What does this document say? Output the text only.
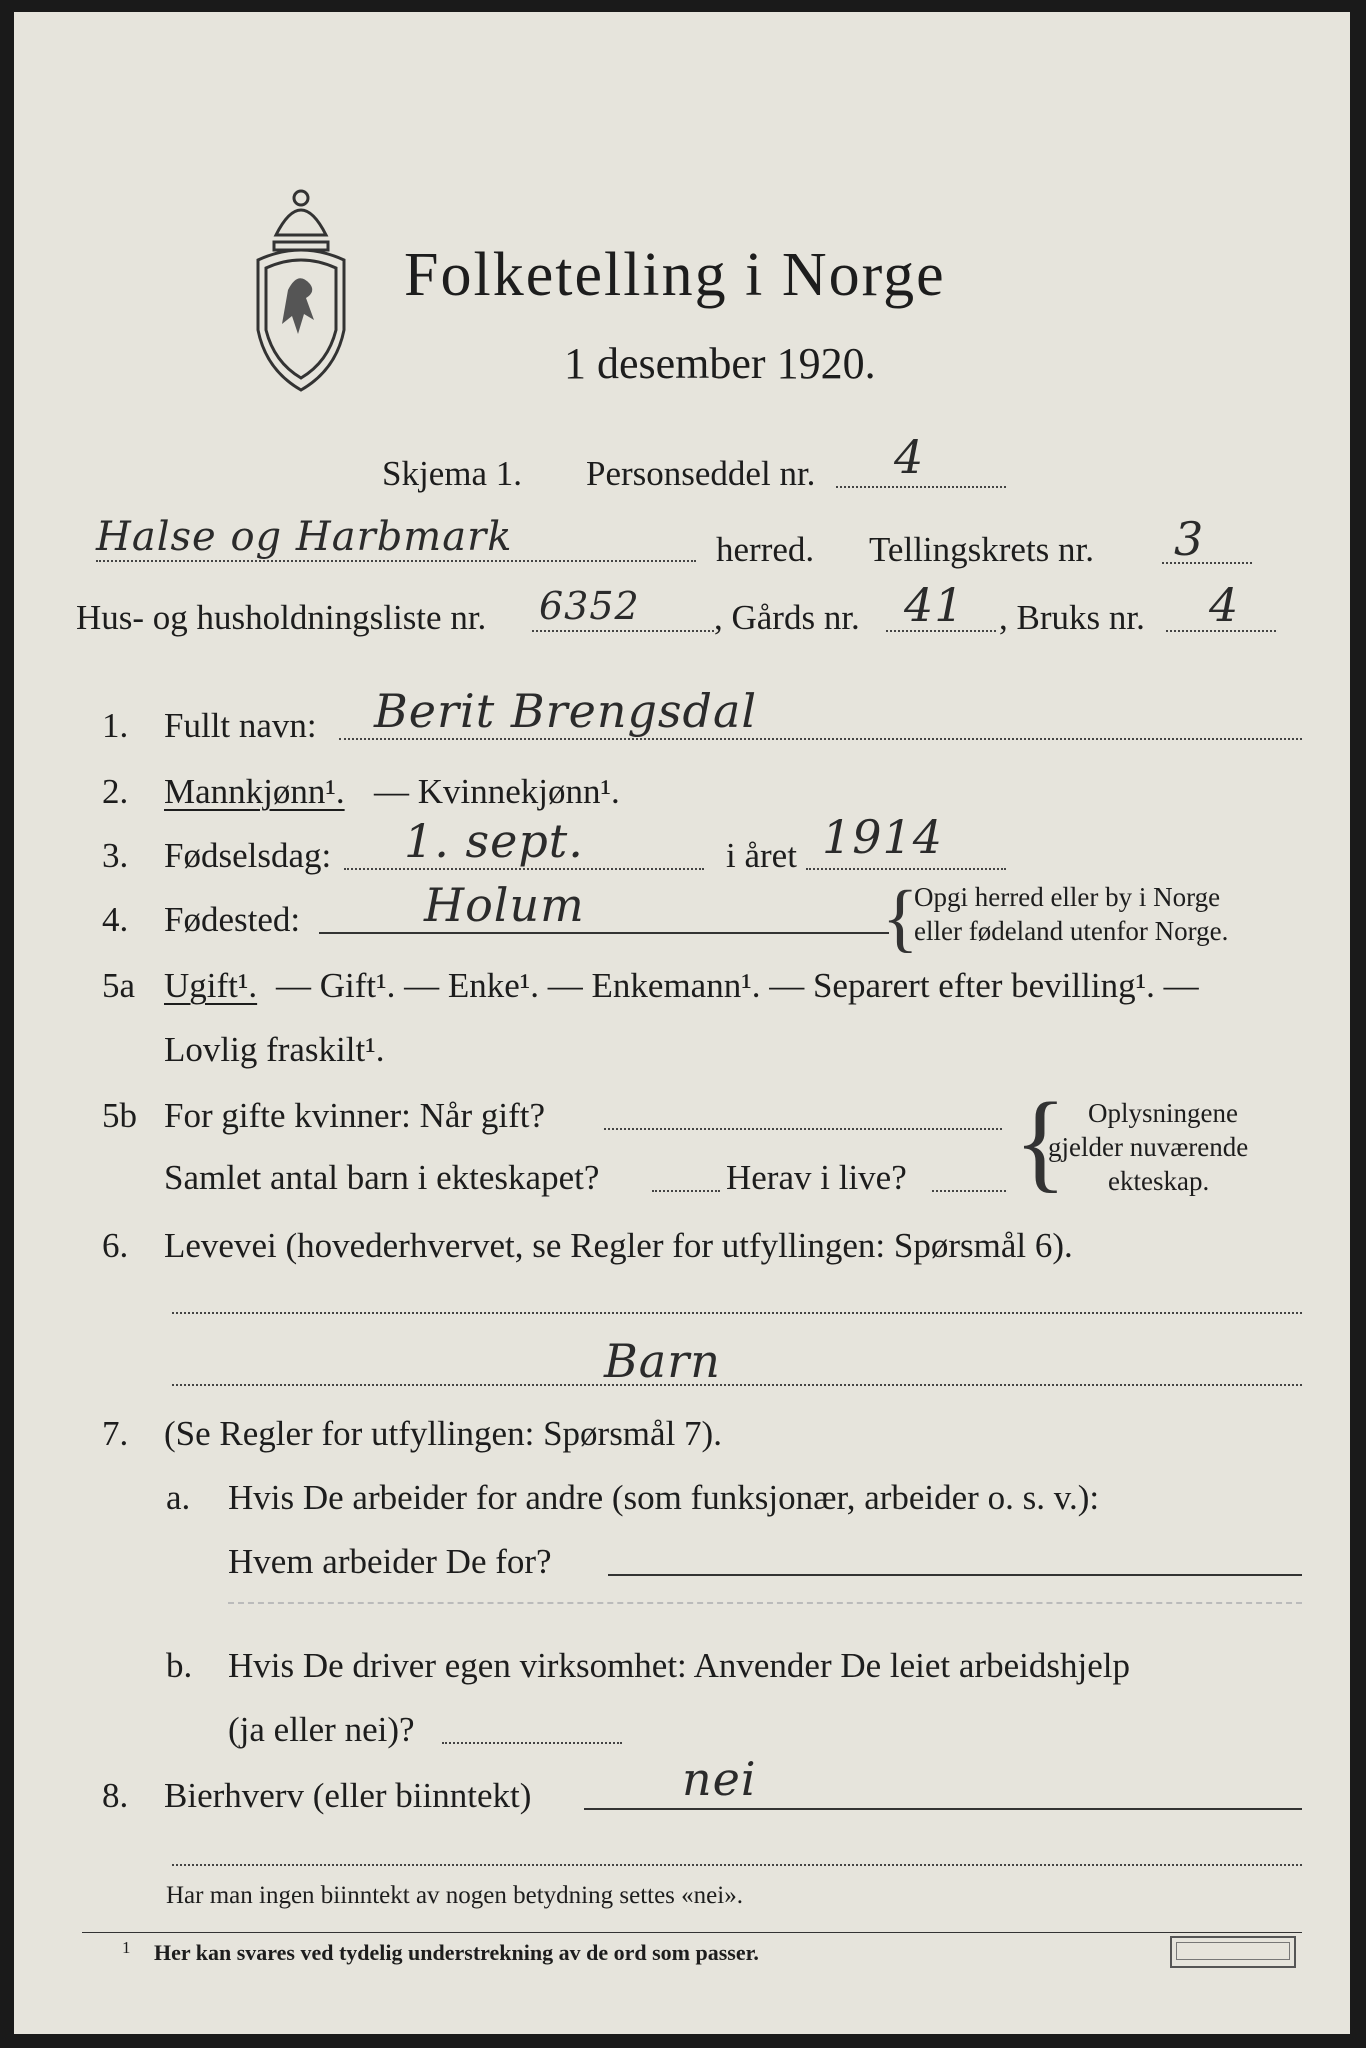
Folketelling i Norge
1 desember 1920.
Skjema 1. Personseddel nr. 4
Halse og Harbmark	herred. Tellingskrets nr. 3
Hus- og husholdningsliste nr. 6352 , Gårds nr. 41 , Bruks nr. 4
1. Fullt navn: Berit Brengsdal
2. Mannkjønn¹. — Kvinnekjønn¹.
3. Fødselsdag: 1. sept.	i året 1914
4. Fødested:	Holum	{
Opgi herred eller by i Norge
eller fødeland utenfor Norge.
5a Ugift¹. — Gift¹. — Enke¹. — Enkemann¹. — Separert efter bevilling¹. —
Lovlig fraskilt¹.
5b For gifte kvinner: Når gift?
Samlet antal barn i ekteskapet?	Herav i live? { Oplysningene
gjelder nuværende
ekteskap.
6. Levevei (hovederhvervet, se Regler for utfyllingen: Spørsmål 6).
Barn
7. (Se Regler for utfyllingen: Spørsmål 7).
a. Hvis De arbeider for andre (som funksjonær, arbeider o. s. v.):
Hvem arbeider De for?
b. Hvis De driver egen virksomhet: Anvender De leiet arbeidshjelp
(ja eller nei)?
8. Bierhverv (eller biinntekt)	nei
Har man ingen biinntekt av nogen betydning settes «nei».
1 Her kan svares ved tydelig understrekning av de ord som passer.
